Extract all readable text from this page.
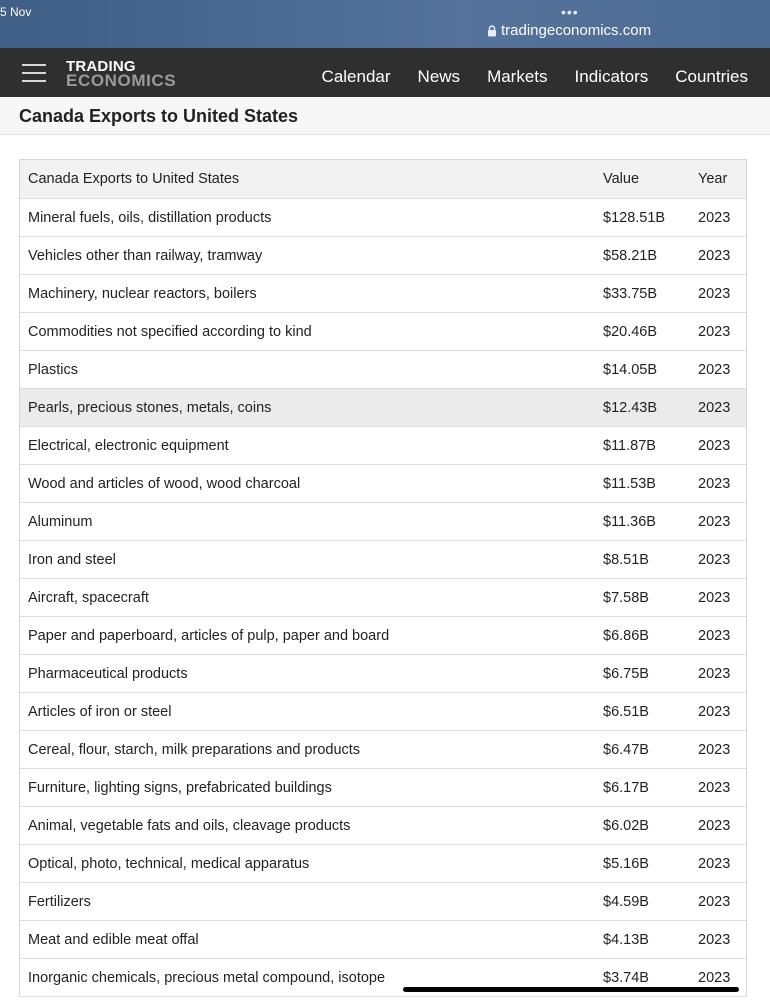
5 Nov	•••
tradingeconomics.com
TRADING
ECONOMICS	Calendar News Markets Indicators Countries
Canada Exports to United States
Canada Exports to United States	Value	Year
Mineral fuels, oils, distillation products	$128.51B 2023
Vehicles other than railway, tramway	$58.21B	2023
Machinery, nuclear reactors, boilers	$33.75B	2023
Commodities not specified according to kind	$20.46B	2023
Plastics	$14.05B	2023
Pearls, precious stones, metals, coins	$12.43B	2023
Electrical, electronic equipment	$11.87B	2023
Wood and articles of wood, wood charcoal	$11.53B	2023
Aluminum	$11.36B	2023
Iron and steel	$8.51B	2023
Aircraft, spacecraft	$7.58B	2023
Paper and paperboard, articles of pulp, paper and board	$6.86B	2023
Pharmaceutical products	$6.75B	2023
Articles of iron or steel	$6.51B	2023
Cereal, flour, starch, milk preparations and products	$6.47B	2023
Furniture, lighting signs, prefabricated buildings	$6.17B	2023
Animal, vegetable fats and oils, cleavage products	$6.02B	2023
Optical, photo, technical, medical apparatus	$5.16B	2023
Fertilizers	$4.59B	2023
Meat and edible meat offal	$4.13B	2023
Inorganic chemicals, precious metal compound, isotope	$3.74B	2023
